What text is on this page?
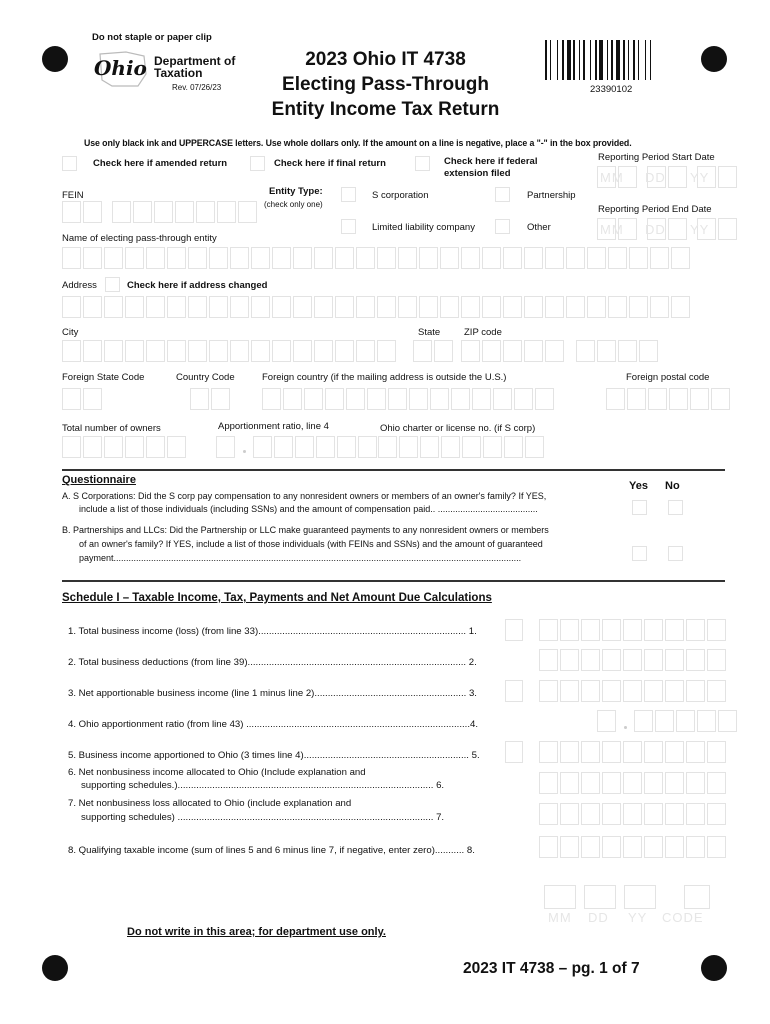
Do not staple or paper clip
Ohio Department of
Taxation
Rev. 07/26/23
2023 Ohio IT 4738
Electing Pass-Through
Entity Income Tax Return
23390102
Use only black ink and UPPERCASE letters. Use whole dollars only. If the amount on a line is negative, place a "-" in the box provided.
Check here if amended return	Check here if final return	Check here if federal
extension filed
Reporting Period Start Date
MM DD YY
Reporting Period End Date
MM DD YY
FEIN	Entity Type:
(check only one)
S corporation	Partnership
Limited liability company	Other
Name of electing pass-through entity
Address	Check here if address changed
City	State	ZIP code
Foreign State Code	Country Code	Foreign country (if the mailing address is outside the U.S.)	Foreign postal code
Total number of owners	Apportionment ratio, line 4	Ohio charter or license no. (if S corp)
Questionnaire	Yes No
A. S Corporations: Did the S corp pay compensation to any nonresident owners or members of an owner's family? If YES,
include a list of those individuals (including SSNs) and the amount of compensation paid.. ........................................
B. Partnerships and LLCs: Did the Partnership or LLC make guaranteed payments to any nonresident owners or members
of an owner's family? If YES, include a list of those individuals (with FEINs and SSNs) and the amount of guaranteed
payment...................................................................................................................................................................
Schedule I – Taxable Income, Tax, Payments and Net Amount Due Calculations
1. Total business income (loss) (from line 33).............................................................................. 1.
2. Total business deductions (from line 39).................................................................................. 2.
3. Net apportionable business income (line 1 minus line 2)......................................................... 3.
4. Ohio apportionment ratio (from line 43) ....................................................................................4.
5. Business income apportioned to Ohio (3 times line 4).............................................................. 5.
6. Net nonbusiness income allocated to Ohio (Include explanation and
supporting schedules.)................................................................................................ 6.
7. Net nonbusiness loss allocated to Ohio (include explanation and
supporting schedules) ................................................................................................ 7.
8. Qualifying taxable income (sum of lines 5 and 6 minus line 7, if negative, enter zero)........... 8.
MM DD YY CODE
Do not write in this area; for department use only.
2023 IT 4738 – pg. 1 of 7
